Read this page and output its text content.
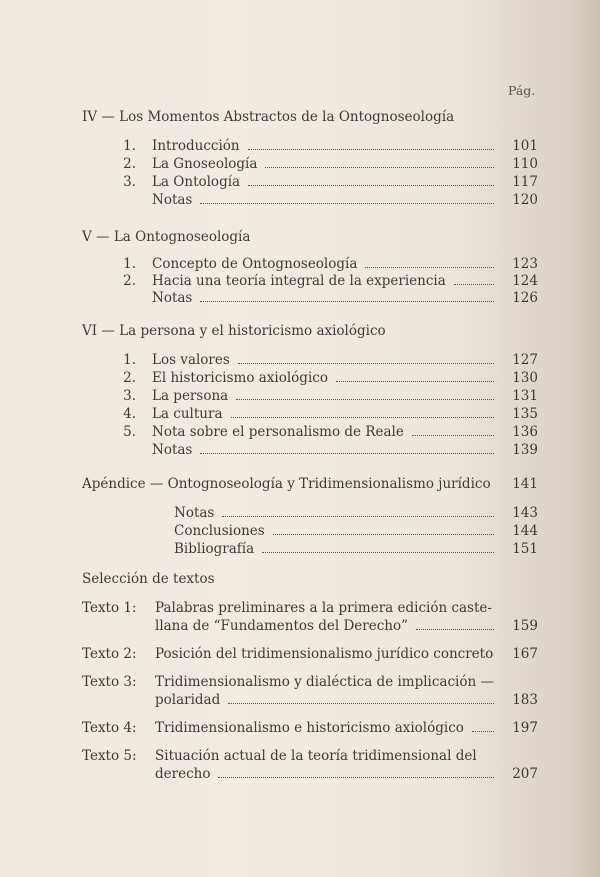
Pág.
IV — Los Momentos Abstractos de la Ontognoseología
1. Introducción	101
2. La Gnoseología	110
3. La Ontología	117
Notas	120
V — La Ontognoseología
1. Concepto de Ontognoseología	123
2. Hacia una teoría integral de la experiencia	124
Notas	126
VI — La persona y el historicismo axiológico
1. Los valores	127
2. El historicismo axiológico	130
3. La persona	131
4. La cultura	135
5. Nota sobre el personalismo de Reale	136
Notas	139
Apéndice — Ontognoseología y Tridimensionalismo jurídico	141
Notas	143
Conclusiones	144
Bibliografía	151
Selección de textos
Texto 1: Palabras preliminares a la primera edición caste-
llana de “Fundamentos del Derecho”	159
Texto 2: Posición del tridimensionalismo jurídico concreto	167
Texto 3: Tridimensionalismo y dialéctica de implicación —
polaridad	183
Texto 4: Tridimensionalismo e historicismo axiológico	197
Texto 5: Situación actual de la teoría tridimensional del
derecho	207
